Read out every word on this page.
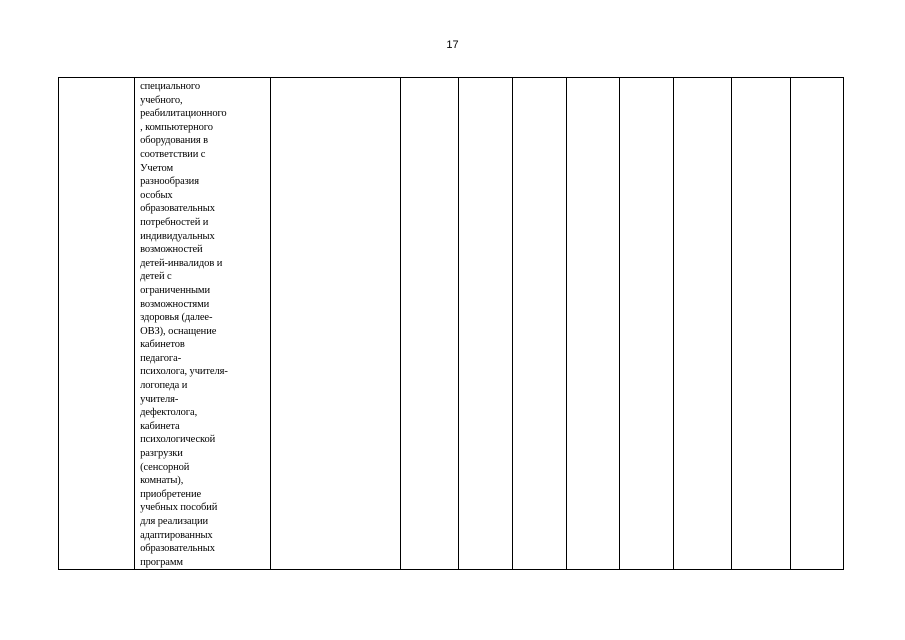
17

специального
учебного,
реабилитационного
, компьютерного
оборудования в
соответствии с
Учетом
разнообразия
особых
образовательных
потребностей и
индивидуальных
возможностей
детей-инвалидов и
детей с
ограниченными
возможностями
здоровья (далее-
ОВЗ), оснащение
кабинетов
педагога-
психолога, учителя-
логопеда и
учителя-
дефектолога,
кабинета
психологической
разгрузки
(сенсорной
комнаты),
приобретение
учебных пособий
для реализации
адаптированных
образовательных
программ
